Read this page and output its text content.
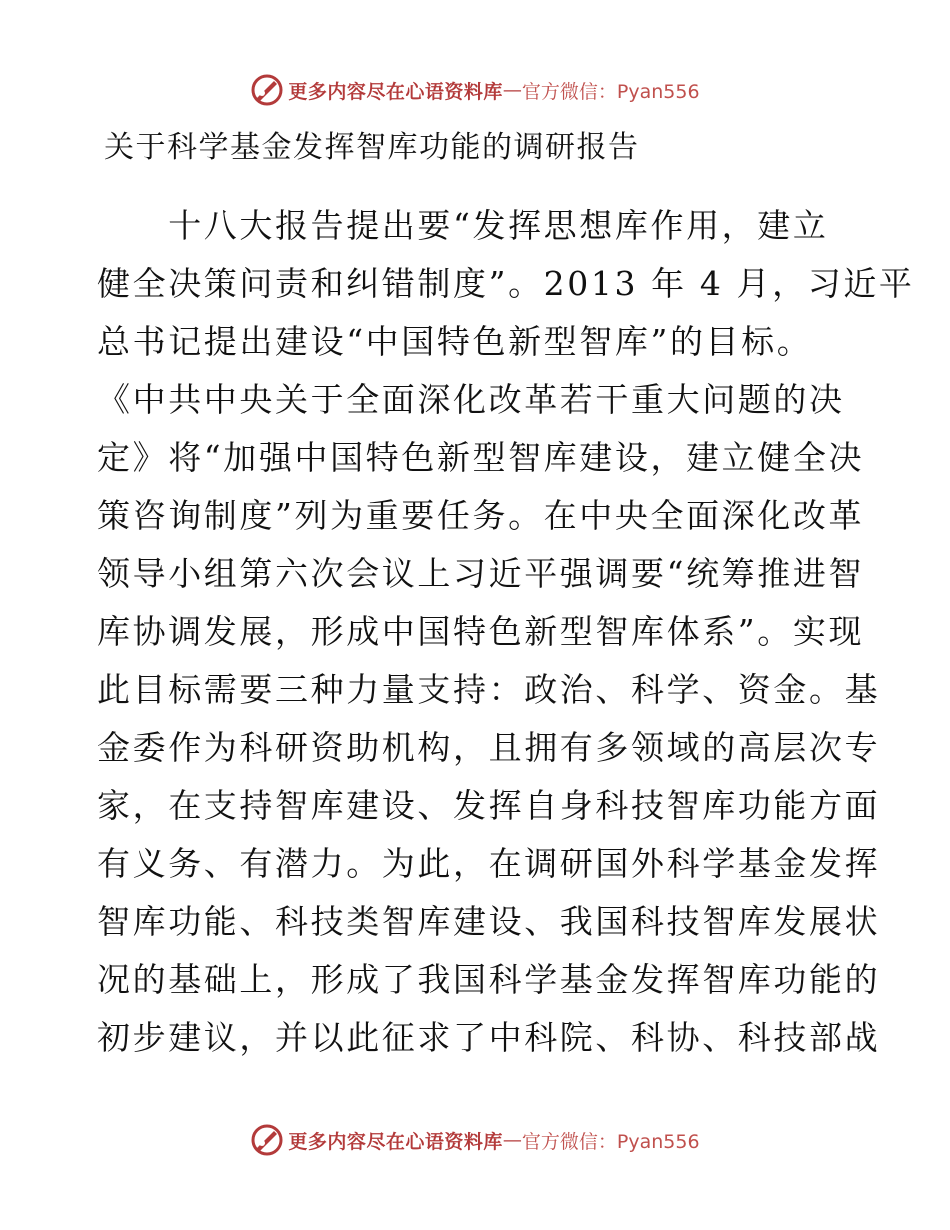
更多内容尽在心语资料库 — 官方微信：Pyan556
关于科学基金发挥智库功能的调研报告
　　十八大报告提出要“发挥思想库作用，建立
健全决策问责和纠错制度”。2013 年 4 月，习近平
总书记提出建设“中国特色新型智库”的目标。
《中共中央关于全面深化改革若干重大问题的决
定》将“加强中国特色新型智库建设，建立健全决
策咨询制度”列为重要任务。在中央全面深化改革
领导小组第六次会议上习近平强调要“统筹推进智
库协调发展，形成中国特色新型智库体系”。实现
此目标需要三种力量支持：政治、科学、资金。基
金委作为科研资助机构，且拥有多领域的高层次专
家，在支持智库建设、发挥自身科技智库功能方面
有义务、有潜力。为此，在调研国外科学基金发挥
智库功能、科技类智库建设、我国科技智库发展状
况的基础上，形成了我国科学基金发挥智库功能的
初步建议，并以此征求了中科院、科协、科技部战
更多内容尽在心语资料库 — 官方微信：Pyan556
